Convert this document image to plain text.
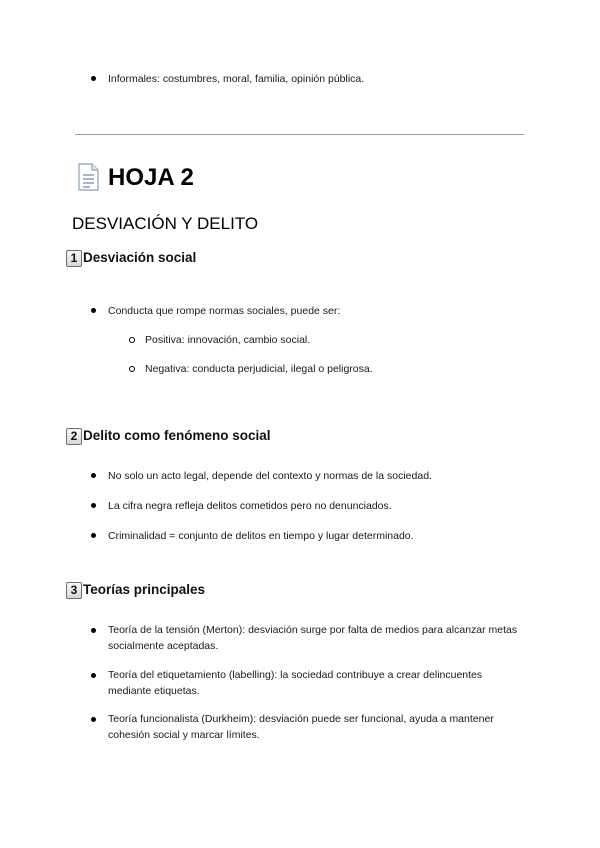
Informales: costumbres, moral, familia, opinión pública.
HOJA 2
DESVIACIÓN Y DELITO
1 Desviación social
Conducta que rompe normas sociales, puede ser:
Positiva: innovación, cambio social.
Negativa: conducta perjudicial, ilegal o peligrosa.
2 Delito como fenómeno social
No solo un acto legal, depende del contexto y normas de la sociedad.
La cifra negra refleja delitos cometidos pero no denunciados.
Criminalidad = conjunto de delitos en tiempo y lugar determinado.
3 Teorías principales
Teoría de la tensión (Merton): desviación surge por falta de medios para alcanzar metas socialmente aceptadas.
Teoría del etiquetamiento (labelling): la sociedad contribuye a crear delincuentes mediante etiquetas.
Teoría funcionalista (Durkheim): desviación puede ser funcional, ayuda a mantener cohesión social y marcar límites.
